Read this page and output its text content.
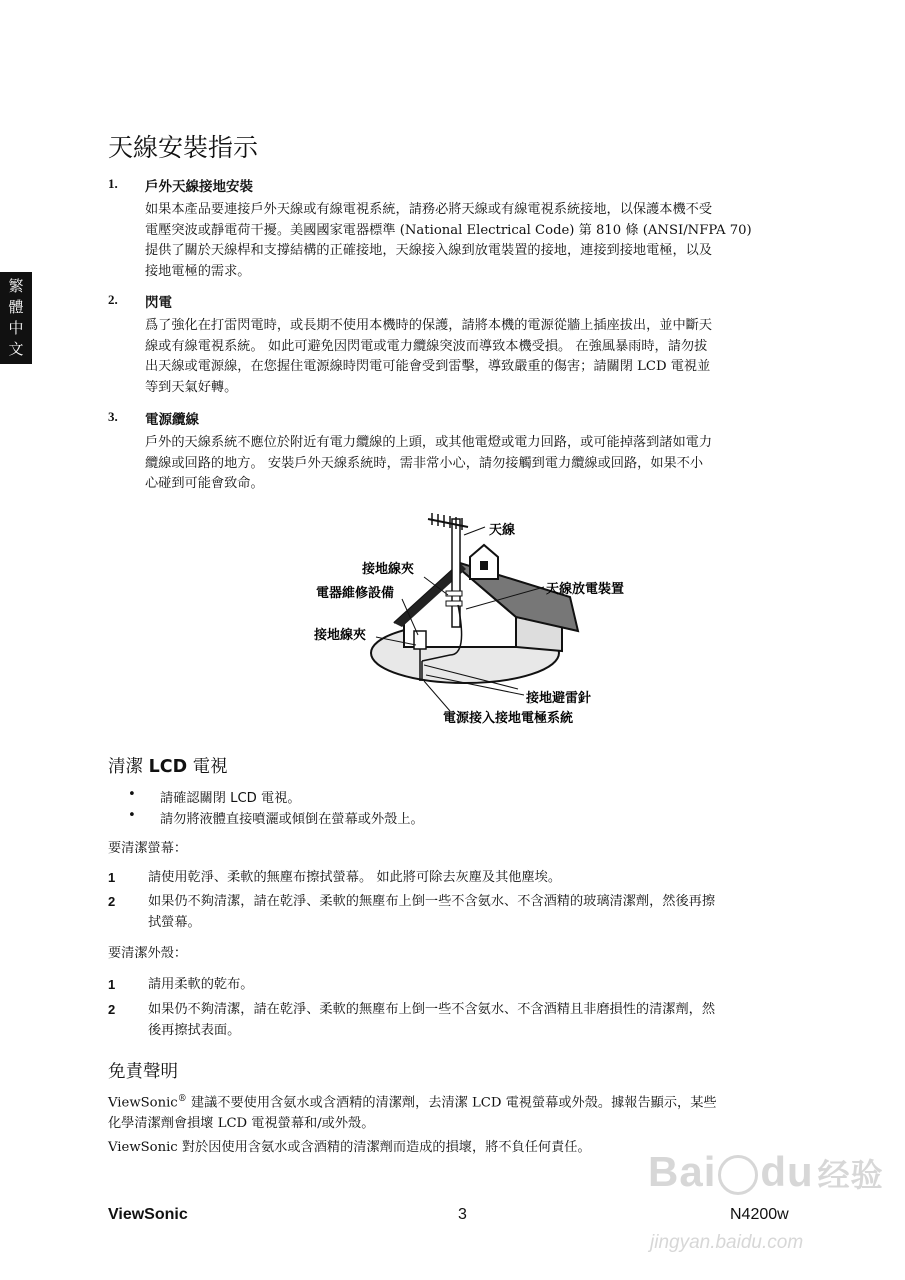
繁
體
中
文
天線安裝指示
1. 戶外天線接地安裝
如果本產品要連接戶外天線或有線電視系統，請務必將天線或有線電視系統接地，以保護本機不受
電壓突波或靜電荷干擾。美國國家電器標準 (National Electrical Code) 第 810 條 (ANSI/NFPA 70)
提供了關於天線桿和支撐結構的正確接地，天線接入線到放電裝置的接地，連接到接地電極，以及
接地電極的需求。
2. 閃電
爲了強化在打雷閃電時，或長期不使用本機時的保護，請將本機的電源從牆上插座拔出，並中斷天
線或有線電視系統。 如此可避免因閃電或電力纜線突波而導致本機受損。 在強風暴雨時，請勿拔
出天線或電源線，在您握住電源線時閃電可能會受到雷擊，導致嚴重的傷害；請關閉 LCD 電視並
等到天氣好轉。
3. 電源纜線
戶外的天線系統不應位於附近有電力纜線的上頭，或其他電燈或電力回路，或可能掉落到諸如電力
纜線或回路的地方。 安裝戶外天線系統時，需非常小心，請勿接觸到電力纜線或回路，如果不小
心碰到可能會致命。
天線
接地線夾
電器維修設備	天線放電裝置
接地線夾
接地避雷針
電源接入接地電極系統
清潔 LCD 電視
• 請確認關閉 LCD 電視。
• 請勿將液體直接噴灑或傾倒在螢幕或外殼上。
要清潔螢幕：
1 請使用乾淨、柔軟的無塵布擦拭螢幕。 如此將可除去灰塵及其他塵埃。
2 如果仍不夠清潔，請在乾淨、柔軟的無塵布上倒一些不含氨水、不含酒精的玻璃清潔劑，然後再擦
拭螢幕。
要清潔外殼：
1 請用柔軟的乾布。
2 如果仍不夠清潔，請在乾淨、柔軟的無塵布上倒一些不含氨水、不含酒精且非磨損性的清潔劑，然
後再擦拭表面。
免責聲明
ViewSonic® 建議不要使用含氨水或含酒精的清潔劑，去清潔 LCD 電視螢幕或外殼。據報告顯示，某些
化學清潔劑會損壞 LCD 電視螢幕和/或外殼。
ViewSonic 對於因使用含氨水或含酒精的清潔劑而造成的損壞，將不負任何責任。
Bai du 经验
jingyan.baidu.com
ViewSonic	3	N4200w
